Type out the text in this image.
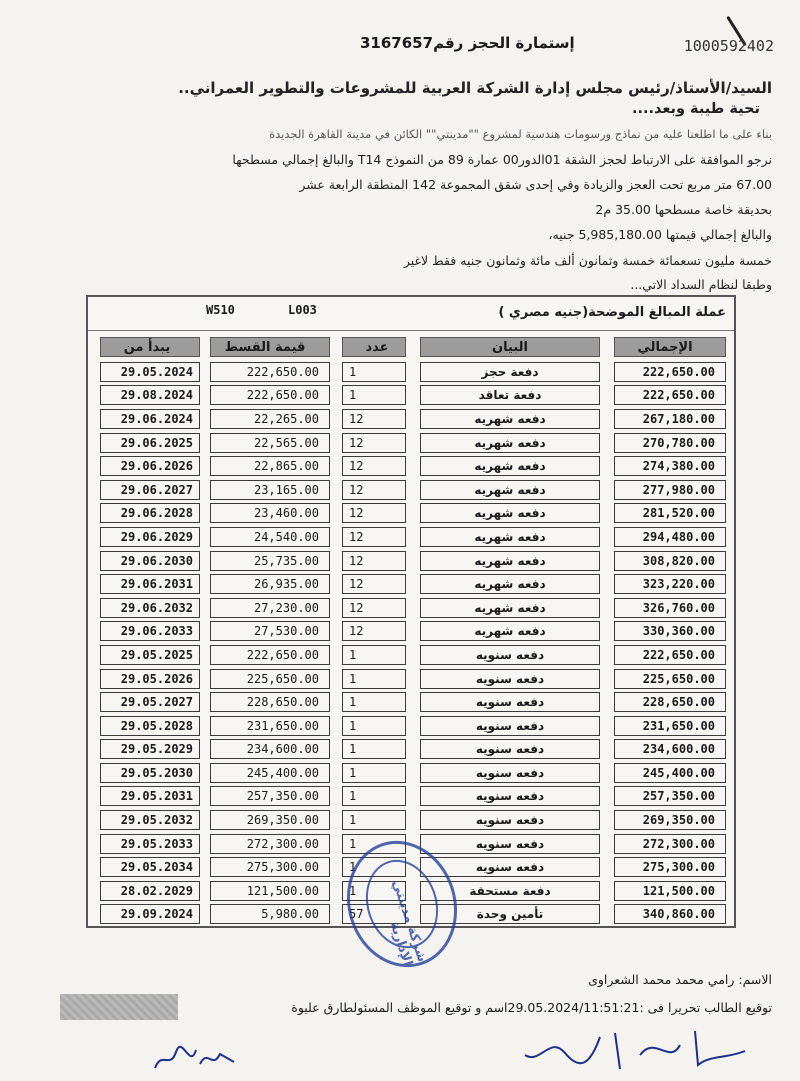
1000592402
إستمارة الحجز رقم3167657
السيد/الأستاذ/رئيس مجلس إدارة الشركة العربية للمشروعات والتطوير العمراني..
تحية طيبة وبعد....
بناء على ما اطلعنا عليه من نماذج ورسومات هندسية لمشروع ""مدينتي"" الكائن في مدينة القاهرة الجديدة
نرجو الموافقة على الارتباط لحجز الشقة 01الدور00 عمارة 89 من النموذج T14 والبالغ إجمالي مسطحها
67.00 متر مربع تحت العجز والزيادة وفي إحدى شقق المجموعة 142 المنطقة الرابعة عشر
بحديقة خاصة مسطحها 35.00 م2
والبالغ إجمالي قيمتها 5,985,180.00 جنيه،
خمسة مليون تسعمائة خمسة وثمانون ألف مائة وثمانون جنيه فقط لاغير
وطبقا لنظام السداد الاتي...
عملة المبالغ الموضحة(جنيه مصري )
L003
W510
يبدأ من	قيمة القسط	عدد	البيان	الإجمالي
29.05.2024	222,650.00	1	دفعة حجز	222,650.00
29.08.2024	222,650.00	1	دفعة تعاقد	222,650.00
29.06.2024	22,265.00	12	دفعه شهريه	267,180.00
29.06.2025	22,565.00	12	دفعه شهريه	270,780.00
29.06.2026	22,865.00	12	دفعه شهريه	274,380.00
29.06.2027	23,165.00	12	دفعه شهريه	277,980.00
29.06.2028	23,460.00	12	دفعه شهريه	281,520.00
29.06.2029	24,540.00	12	دفعه شهريه	294,480.00
29.06.2030	25,735.00	12	دفعه شهريه	308,820.00
29.06.2031	26,935.00	12	دفعه شهريه	323,220.00
29.06.2032	27,230.00	12	دفعه شهريه	326,760.00
29.06.2033	27,530.00	12	دفعه شهريه	330,360.00
29.05.2025	222,650.00	1	دفعه سنويه	222,650.00
29.05.2026	225,650.00	1	دفعه سنويه	225,650.00
29.05.2027	228,650.00	1	دفعه سنويه	228,650.00
29.05.2028	231,650.00	1	دفعه سنويه	231,650.00
29.05.2029	234,600.00	1	دفعه سنويه	234,600.00
29.05.2030	245,400.00	1	دفعه سنويه	245,400.00
29.05.2031	257,350.00	1	دفعه سنويه	257,350.00
29.05.2032	269,350.00	1	دفعه سنويه	269,350.00
29.05.2033	272,300.00	1	دفعه سنويه	272,300.00
29.05.2034	275,300.00	1	دفعه سنويه	275,300.00
28.02.2029	121,500.00	1	دفعة مستحقة	121,500.00
29.09.2024	5,980.00	57	تأمين وحدة	340,860.00
شركة مدينتي الإدارية
الاسم: رامي محمد محمد الشعراوى
توقيع الطالب تحريرا فى :29.05.2024/11:51:21اسم و توقيع الموظف المسئولطارق عليوة
